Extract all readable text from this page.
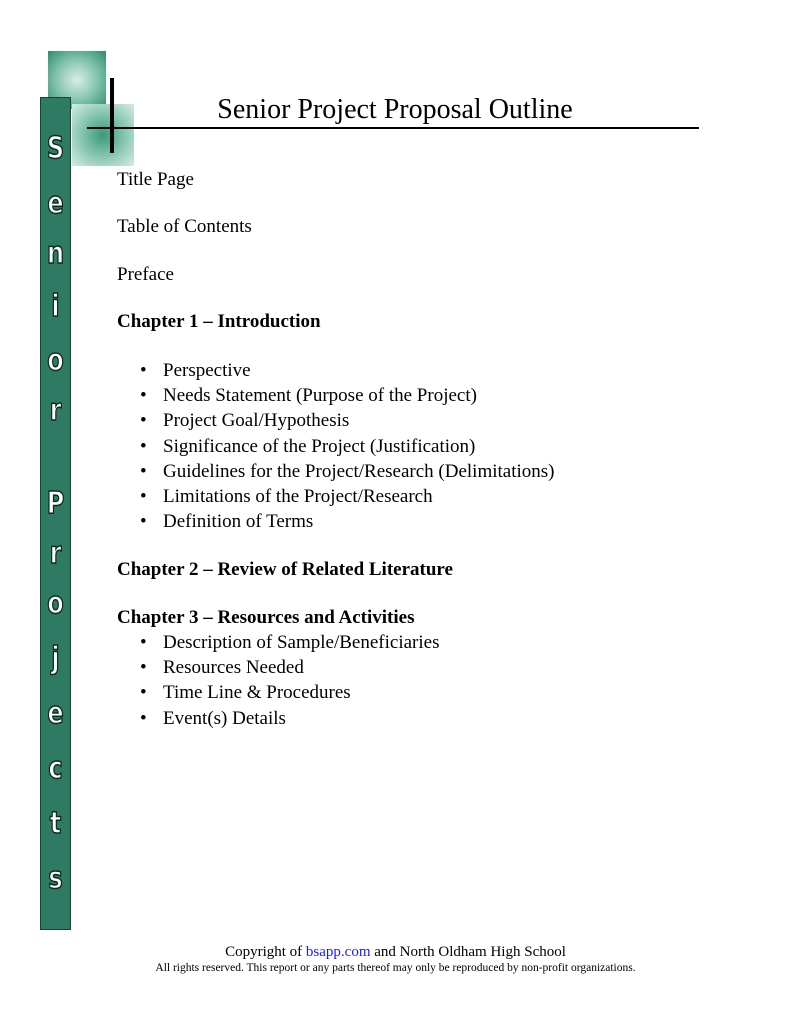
S
e
n
i
o
r
P
r
o
j
e
c
t
s
Senior Project Proposal Outline
Title Page
Table of Contents
Preface
Chapter 1 – Introduction
• Perspective
• Needs Statement (Purpose of the Project)
• Project Goal/Hypothesis
• Significance of the Project (Justification)
• Guidelines for the Project/Research (Delimitations)
• Limitations of the Project/Research
• Definition of Terms
Chapter 2 – Review of Related Literature
Chapter 3 – Resources and Activities
• Description of Sample/Beneficiaries
• Resources Needed
• Time Line & Procedures
• Event(s) Details
Copyright of bsapp.com and North Oldham High School
All rights reserved. This report or any parts thereof may only be reproduced by non-profit organizations.
